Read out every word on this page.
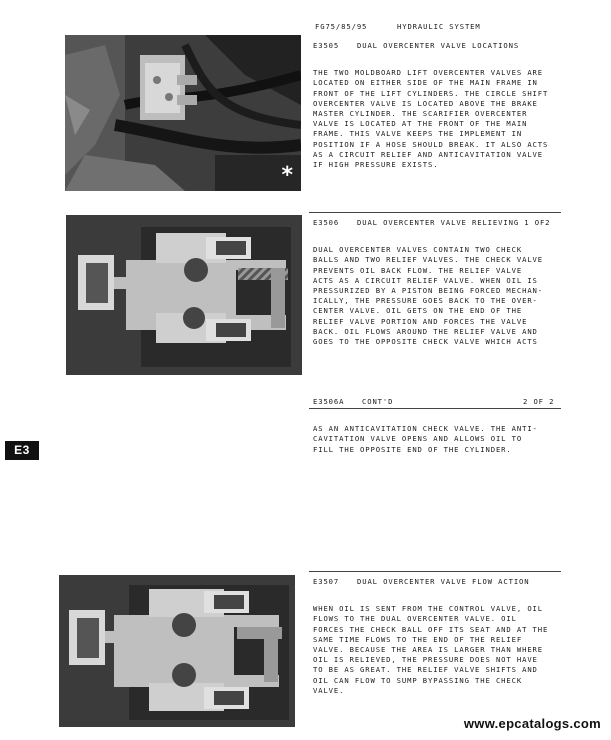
*
FG75/85/95	HYDRAULIC SYSTEM
E3505 DUAL OVERCENTER VALVE LOCATIONS

THE TWO MOLDBOARD LIFT OVERCENTER VALVES ARE
LOCATED ON EITHER SIDE OF THE MAIN FRAME IN
FRONT OF THE LIFT CYLINDERS. THE CIRCLE SHIFT
OVERCENTER VALVE IS LOCATED ABOVE THE BRAKE
MASTER CYLINDER. THE SCARIFIER OVERCENTER
VALVE IS LOCATED AT THE FRONT OF THE MAIN
FRAME. THIS VALVE KEEPS THE IMPLEMENT IN
POSITION IF A HOSE SHOULD BREAK. IT ALSO ACTS
AS A CIRCUIT RELIEF AND ANTICAVITATION VALVE
IF HIGH PRESSURE EXISTS.

E3506 DUAL OVERCENTER VALVE RELIEVING 1 OF2

DUAL OVERCENTER VALVES CONTAIN TWO CHECK
BALLS AND TWO RELIEF VALVES. THE CHECK VALVE
PREVENTS OIL BACK FLOW. THE RELIEF VALVE
ACTS AS A CIRCUIT RELIEF VALVE. WHEN OIL IS
PRESSURIZED BY A PISTON BEING FORCED MECHAN-
ICALLY, THE PRESSURE GOES BACK TO THE OVER-
CENTER VALVE. OIL GETS ON THE END OF THE
RELIEF VALVE PORTION AND FORCES THE VALVE
BACK. OIL FLOWS AROUND THE RELIEF VALVE AND
GOES TO THE OPPOSITE CHECK VALVE WHICH ACTS

E3506A CONT'D	2 OF 2

AS AN ANTICAVITATION CHECK VALVE. THE ANTI-
CAVITATION VALVE OPENS AND ALLOWS OIL TO
FILL THE OPPOSITE END OF THE CYLINDER.

E3507 DUAL OVERCENTER VALVE FLOW ACTION

WHEN OIL IS SENT FROM THE CONTROL VALVE, OIL
FLOWS TO THE DUAL OVERCENTER VALVE. OIL
FORCES THE CHECK BALL OFF ITS SEAT AND AT THE
SAME TIME FLOWS TO THE END OF THE RELIEF
VALVE. BECAUSE THE AREA IS LARGER THAN WHERE
OIL IS RELIEVED, THE PRESSURE DOES NOT HAVE
TO BE AS GREAT. THE RELIEF VALVE SHIFTS AND
OIL CAN FLOW TO SUMP BYPASSING THE CHECK
VALVE.

E3
www.epcatalogs.com
